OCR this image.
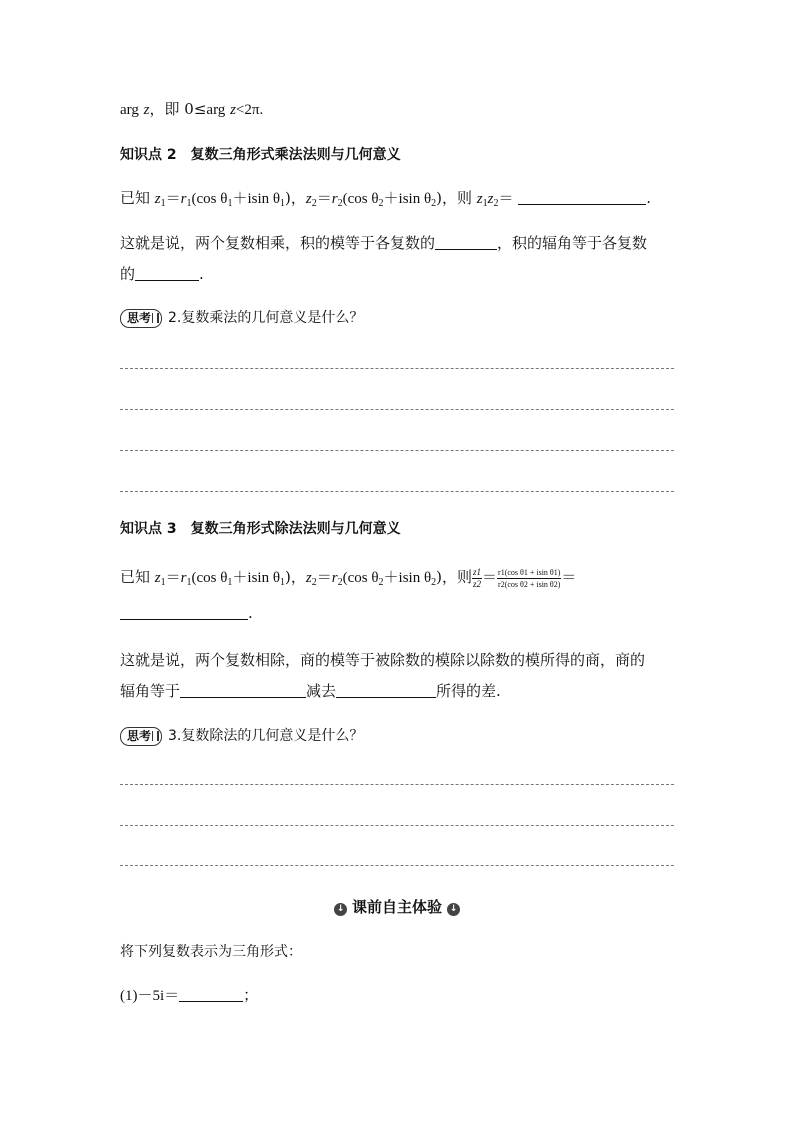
arg z，即 0≤arg z<2π.
知识点 2 复数三角形式乘法法则与几何意义
已知 $z_1=r_1(\cos$ $\theta_1+isin$ $\theta_1$)，$z_2=r_2(\cos$ $\theta_2+isin$ $\theta_2$)，则 $z_1z_2=$	.
这就是说，两个复数相乘，积的模等于各复数的	，积的辐角等于各复数
的	.
思考 2.复数乘法的几何意义是什么？
知识点 3 复数三角形式除法法则与几何意义
已知 $z_1=r_1(\cos$ $\theta_1+isin$ $\theta_1$)，$z_2=r_2(\cos$ $\theta_2+isin$ $\theta_2$)，则 $\frac{z1}{z2} = \frac{\text{r1(cos θ1 + isin θ1)}}{\text{r2(cos θ2 + isin θ2)}}$ ＝
.
这就是说，两个复数相除，商的模等于被除数的模除以除数的模所得的商，商的
辐角等于	减去	所得的差.
思考 3.复数除法的几何意义是什么？
↓ 课前自主体验 ↓
将下列复数表示为三角形式：
(1)－5i＝	；
